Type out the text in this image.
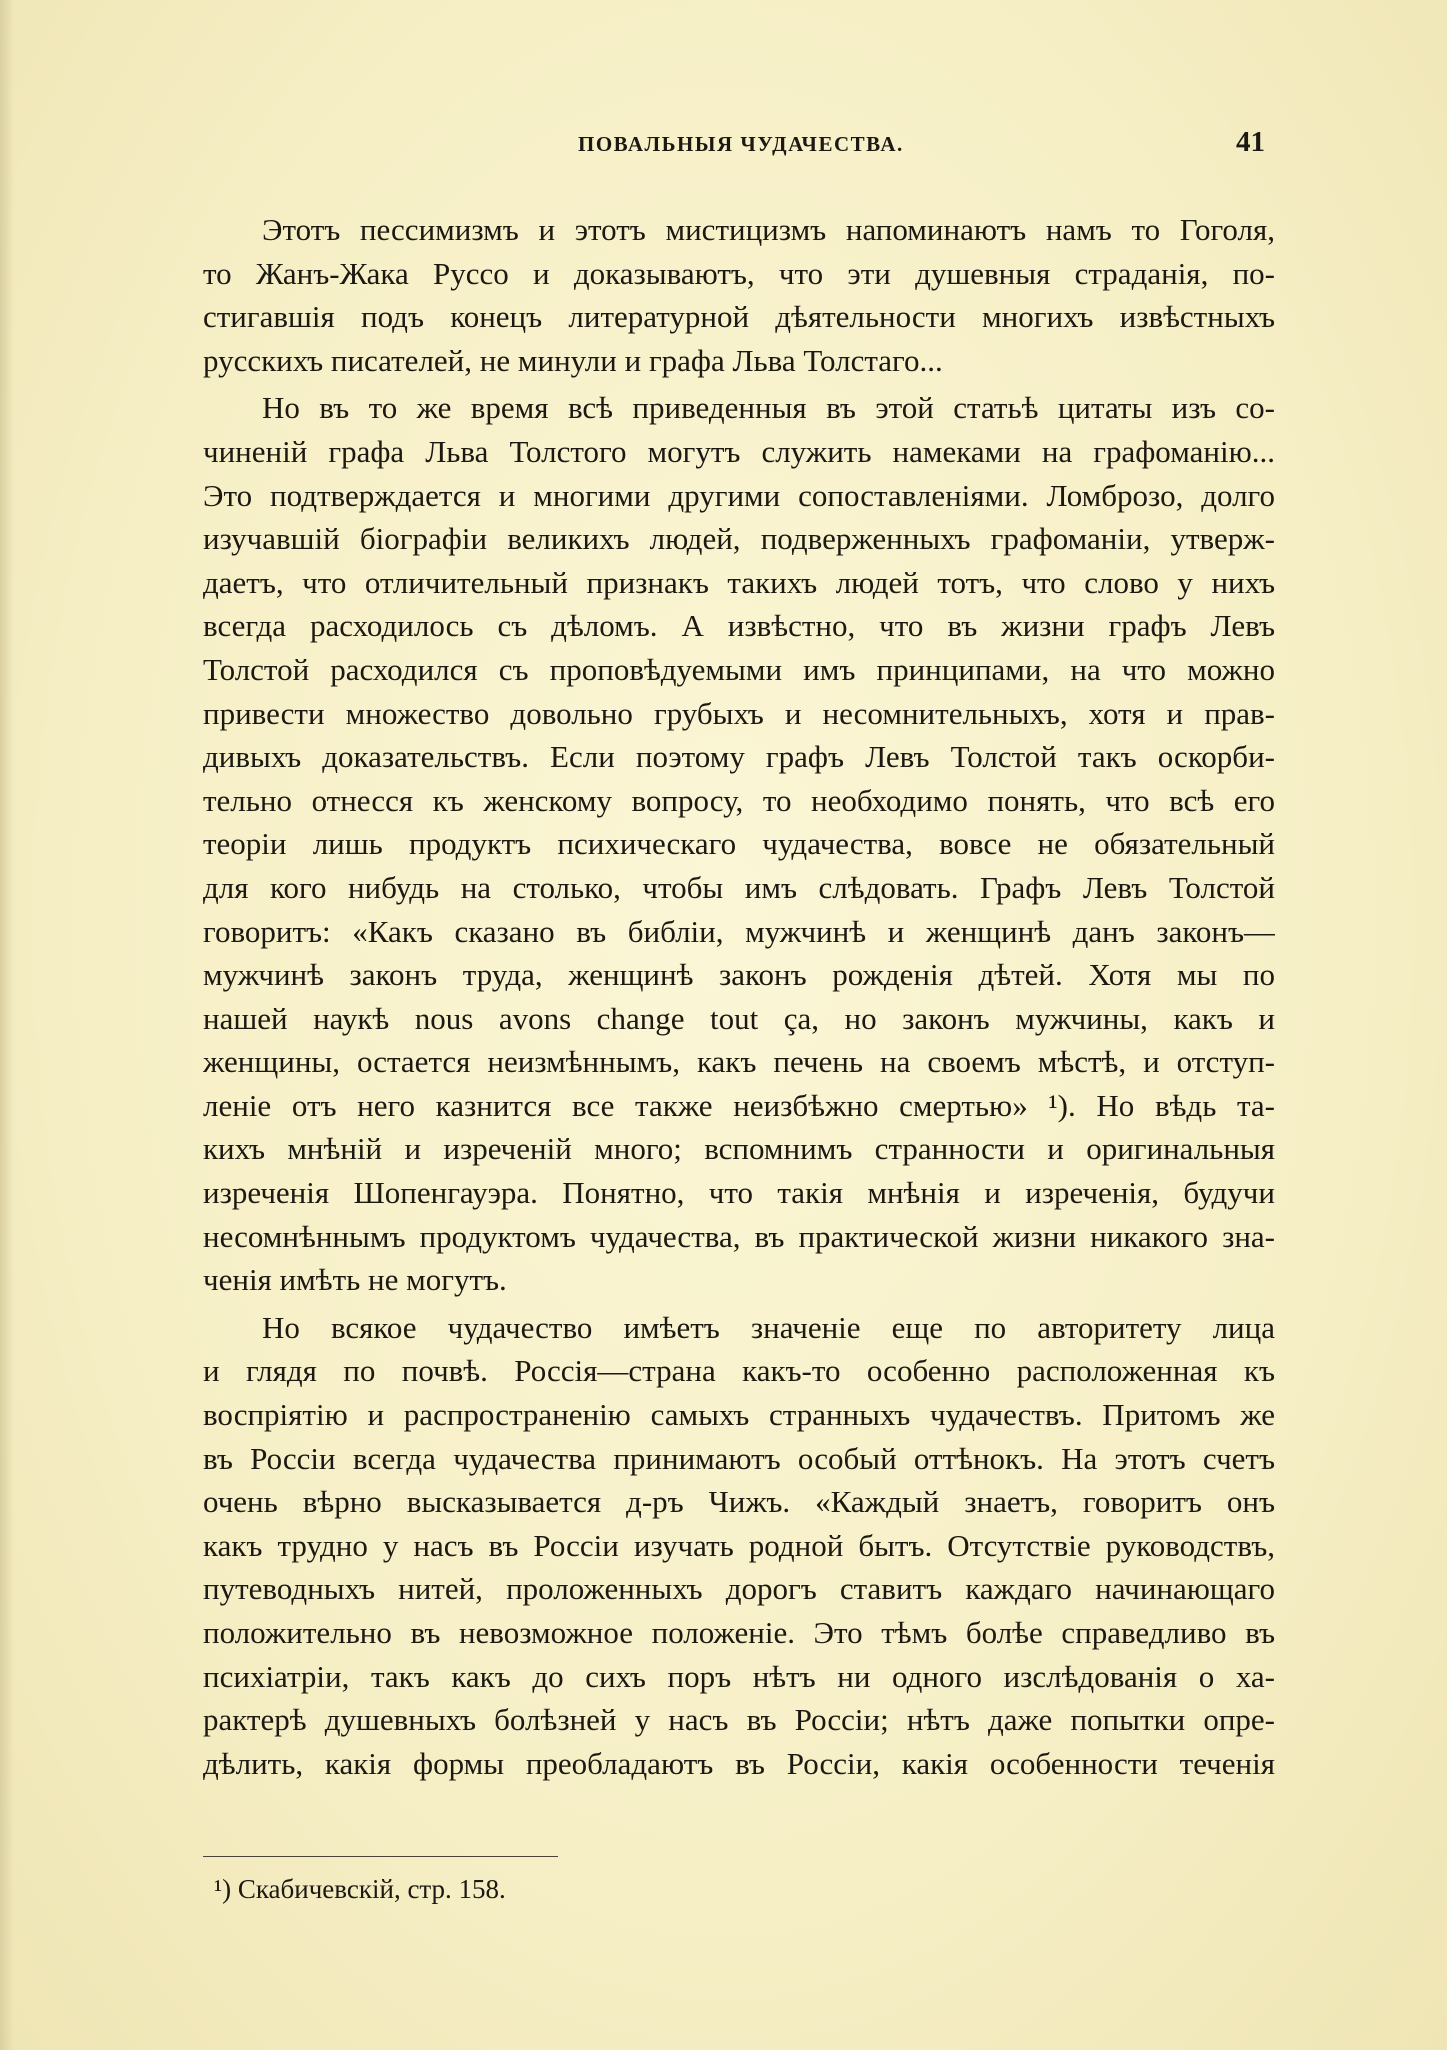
ПОВАЛЬНЫЯ ЧУДАЧЕСТВА.	41
Этотъ пессимизмъ и этотъ мистицизмъ напоминаютъ намъ то Гоголя,
то Жанъ-Жака Руссо и доказываютъ, что эти душевныя страданія, по-
стигавшія подъ конецъ литературной дѣятельности многихъ извѣстныхъ
русскихъ писателей, не минули и графа Льва Толстаго...
Но въ то же время всѣ приведенныя въ этой статьѣ цитаты изъ со-
чиненій графа Льва Толстого могутъ служить намеками на графоманію...
Это подтверждается и многими другими сопоставленіями. Ломброзо, долго
изучавшій біографіи великихъ людей, подверженныхъ графоманіи, утверж-
даетъ, что отличительный признакъ такихъ людей тотъ, что слово у нихъ
всегда расходилось съ дѣломъ. А извѣстно, что въ жизни графъ Левъ
Толстой расходился съ проповѣдуемыми имъ принципами, на что можно
привести множество довольно грубыхъ и несомнительныхъ, хотя и прав-
дивыхъ доказательствъ. Если поэтому графъ Левъ Толстой такъ оскорби-
тельно отнесся къ женскому вопросу, то необходимо понять, что всѣ его
теоріи лишь продуктъ психическаго чудачества, вовсе не обязательный
для кого нибудь на столько, чтобы имъ слѣдовать. Графъ Левъ Толстой
говоритъ: «Какъ сказано въ библіи, мужчинѣ и женщинѣ данъ законъ—
мужчинѣ законъ труда, женщинѣ законъ рожденія дѣтей. Хотя мы по
нашей наукѣ nous avons change tout ça, но законъ мужчины, какъ и
женщины, остается неизмѣннымъ, какъ печень на своемъ мѣстѣ, и отступ-
леніе отъ него казнится все также неизбѣжно смертью» ¹). Но вѣдь та-
кихъ мнѣній и изреченій много; вспомнимъ странности и оригинальныя
изреченія Шопенгауэра. Понятно, что такія мнѣнія и изреченія, будучи
несомнѣннымъ продуктомъ чудачества, въ практической жизни никакого зна-
ченія имѣть не могутъ.
Но всякое чудачество имѣетъ значеніе еще по авторитету лица
и глядя по почвѣ. Россія—страна какъ-то особенно расположенная къ
воспріятію и распространенію самыхъ странныхъ чудачествъ. Притомъ же
въ Россіи всегда чудачества принимаютъ особый оттѣнокъ. На этотъ счетъ
очень вѣрно высказывается д-ръ Чижъ. «Каждый знаетъ, говоритъ онъ
какъ трудно у насъ въ Россіи изучать родной бытъ. Отсутствіе руководствъ,
путеводныхъ нитей, проложенныхъ дорогъ ставитъ каждаго начинающаго
положительно въ невозможное положеніе. Это тѣмъ болѣе справедливо въ
психіатріи, такъ какъ до сихъ поръ нѣтъ ни одного изслѣдованія о ха-
рактерѣ душевныхъ болѣзней у насъ въ Россіи; нѣтъ даже попытки опре-
дѣлить, какія формы преобладаютъ въ Россіи, какія особенности теченія
¹) Скабичевскій, стр. 158.
